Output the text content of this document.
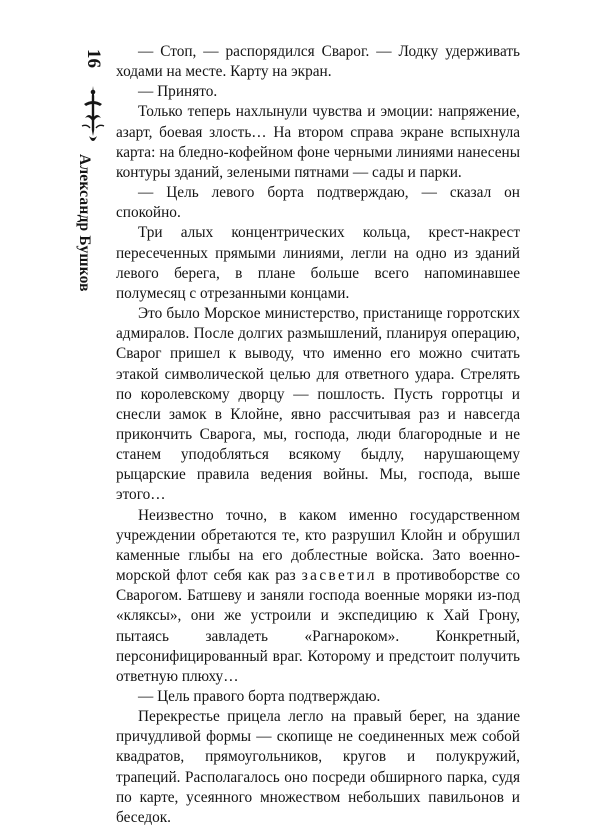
16
Александр Бушков

— Стоп, — распорядился Сварог. — Лодку удерживать ходами на месте. Карту на экран.

— Принято.

Только теперь нахлынули чувства и эмоции: напряжение, азарт, боевая злость… На втором справа экране вспыхнула карта: на бледно-кофейном фоне черными линиями нанесены контуры зданий, зелеными пятнами — сады и парки.

— Цель левого борта подтверждаю, — сказал он спокойно.

Три алых концентрических кольца, крест-накрест пересеченных прямыми линиями, легли на одно из зданий левого берега, в плане больше всего напоминавшее полумесяц с отрезанными концами.

Это было Морское министерство, пристанище горротских адмиралов. После долгих размышлений, планируя операцию, Сварог пришел к выводу, что именно его можно считать этакой символической целью для ответного удара. Стрелять по королевскому дворцу — пошлость. Пусть горротцы и снесли замок в Клойне, явно рассчитывая раз и навсегда прикончить Сварога, мы, господа, люди благородные и не станем уподобляться всякому быдлу, нарушающему рыцарские правила ведения войны. Мы, господа, выше этого…

Неизвестно точно, в каком именно государственном учреждении обретаются те, кто разрушил Клойн и обрушил каменные глыбы на его доблестные войска. Зато военно-морской флот себя как раз засветил в противоборстве со Сварогом. Батшеву и заняли господа военные моряки из-под «кляксы», они же устроили и экспедицию к Хай Грону, пытаясь завладеть «Рагнароком». Конкретный, персонифицированный враг. Которому и предстоит получить ответную плюху…

— Цель правого борта подтверждаю.

Перекрестье прицела легло на правый берег, на здание причудливой формы — скопище не соединенных меж собой квадратов, прямоугольников, кругов и полукружий, трапеций. Располагалось оно посреди обширного парка, судя по карте, усеянного множеством небольших павильонов и беседок.
